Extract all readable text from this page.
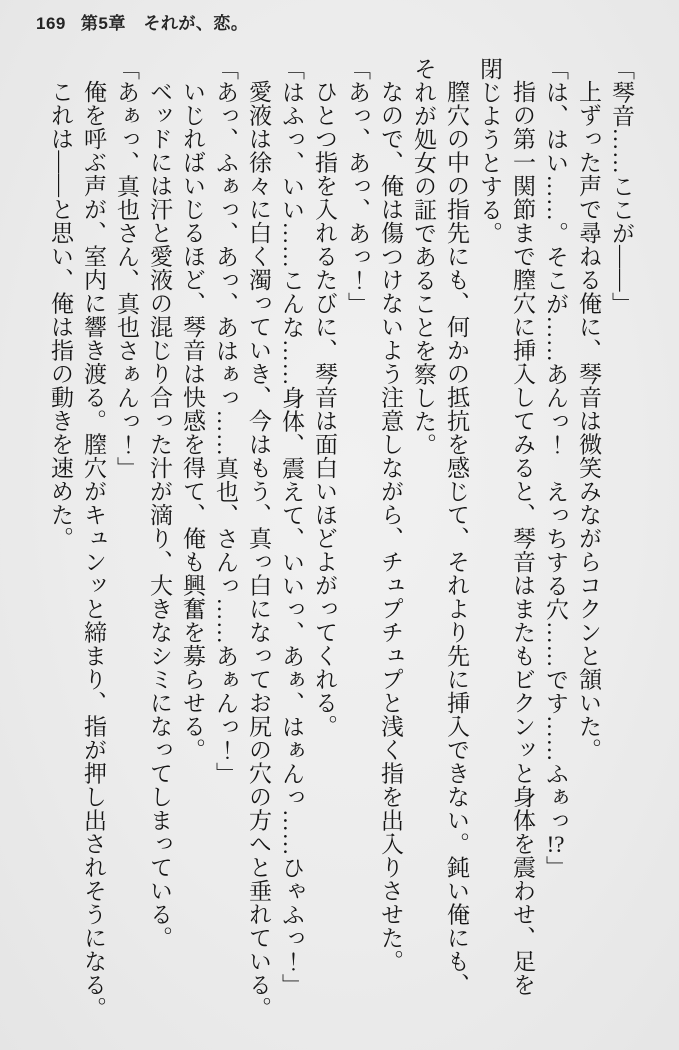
169 第5章　それが、恋。

「琴音……ここが――」

上ずった声で尋ねる俺に、琴音は微笑みながらコクンと頷いた。

「は、はい……。そこが……あんっ！　えっちする穴……です……ふぁっ!?」

指の第一関節まで膣穴に挿入してみると、琴音はまたもビクンッと身体を震わせ、足を

閉じようとする。

膣穴の中の指先にも、何かの抵抗を感じて、それより先に挿入できない。鈍い俺にも、

それが処女の証であることを察した。

なので、俺は傷つけないよう注意しながら、チュプチュプと浅く指を出入りさせた。

「あっ、あっ、あっ！」

ひとつ指を入れるたびに、琴音は面白いほどよがってくれる。

「はふっ、いい……こんな……身体、震えて、いいっ、あぁ、はぁんっ……ひゃふっ！」

愛液は徐々に白く濁っていき、今はもう、真っ白になってお尻の穴の方へと垂れている。

「あっ、ふぁっ、あっ、あはぁっ……真也、さんっ……あぁんっ！」

いじればいじるほど、琴音は快感を得て、俺も興奮を募らせる。

ベッドには汗と愛液の混じり合った汁が滴り、大きなシミになってしまっている。

「あぁっ、真也さん、真也さぁんっ！」

俺を呼ぶ声が、室内に響き渡る。膣穴がキュンッと締まり、指が押し出されそうになる。

これは――と思い、俺は指の動きを速めた。
